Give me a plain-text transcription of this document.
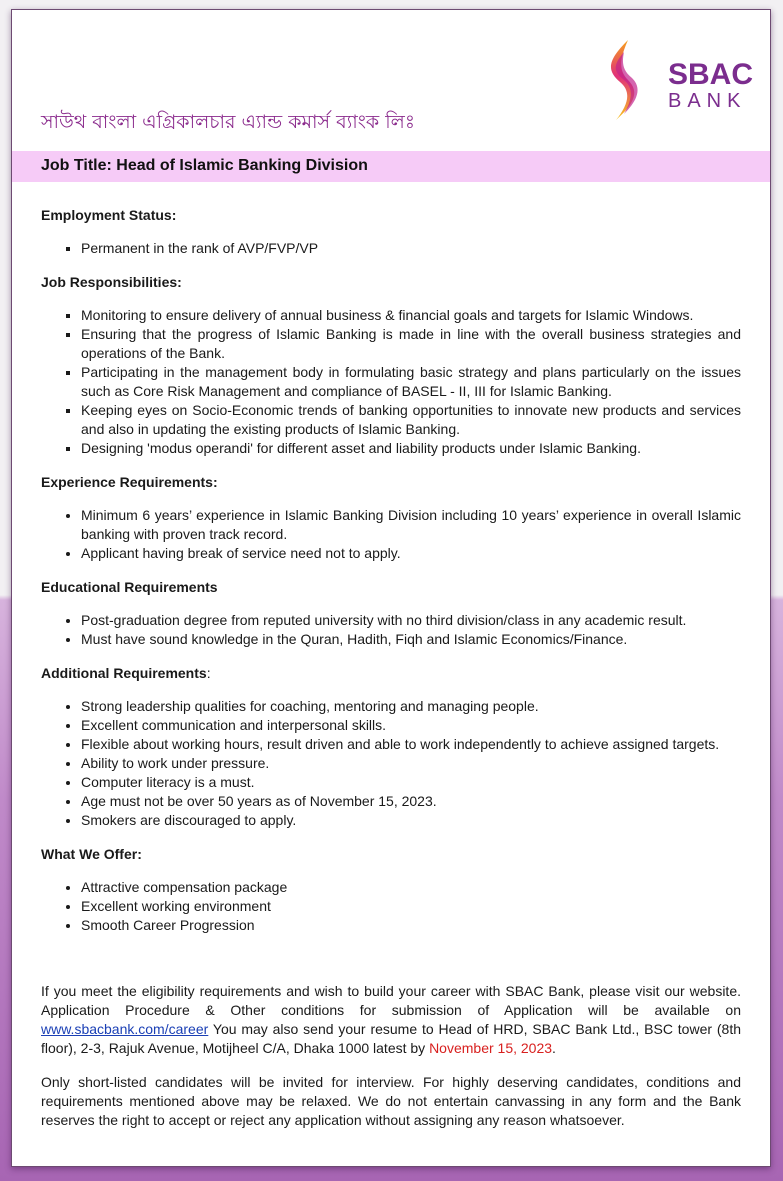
SBAC
BANK
সাউথ বাংলা এগ্রিকালচার এ্যান্ড কমার্স ব্যাংক লিঃ
Job Title: Head of Islamic Banking Division
Employment Status:
▪ Permanent in the rank of AVP/FVP/VP
Job Responsibilities:
▪ Monitoring to ensure delivery of annual business & financial goals and targets for Islamic Windows.
▪ Ensuring that the progress of Islamic Banking is made in line with the overall business strategies and operations of the Bank.
▪ Participating in the management body in formulating basic strategy and plans particularly on the issues such as Core Risk Management and compliance of BASEL - II, III for Islamic Banking.
▪ Keeping eyes on Socio-Economic trends of banking opportunities to innovate new products and services and also in updating the existing products of Islamic Banking.
▪ Designing 'modus operandi' for different asset and liability products under Islamic Banking.
Experience Requirements:
• Minimum 6 years’ experience in Islamic Banking Division including 10 years’ experience in overall Islamic banking with proven track record.
• Applicant having break of service need not to apply.
Educational Requirements
• Post-graduation degree from reputed university with no third division/class in any academic result.
• Must have sound knowledge in the Quran, Hadith, Fiqh and Islamic Economics/Finance.
Additional Requirements:
• Strong leadership qualities for coaching, mentoring and managing people.
• Excellent communication and interpersonal skills.
• Flexible about working hours, result driven and able to work independently to achieve assigned targets.
• Ability to work under pressure.
• Computer literacy is a must.
• Age must not be over 50 years as of November 15, 2023.
• Smokers are discouraged to apply.
What We Offer:
• Attractive compensation package
• Excellent working environment
• Smooth Career Progression

If you meet the eligibility requirements and wish to build your career with SBAC Bank, please visit our website. Application Procedure & Other conditions for submission of Application will be available on www.sbacbank.com/career You may also send your resume to Head of HRD, SBAC Bank Ltd., BSC tower (8th floor), 2-3, Rajuk Avenue, Motijheel C/A, Dhaka 1000 latest by November 15, 2023.

Only short-listed candidates will be invited for interview. For highly deserving candidates, conditions and requirements mentioned above may be relaxed. We do not entertain canvassing in any form and the Bank reserves the right to accept or reject any application without assigning any reason whatsoever.
